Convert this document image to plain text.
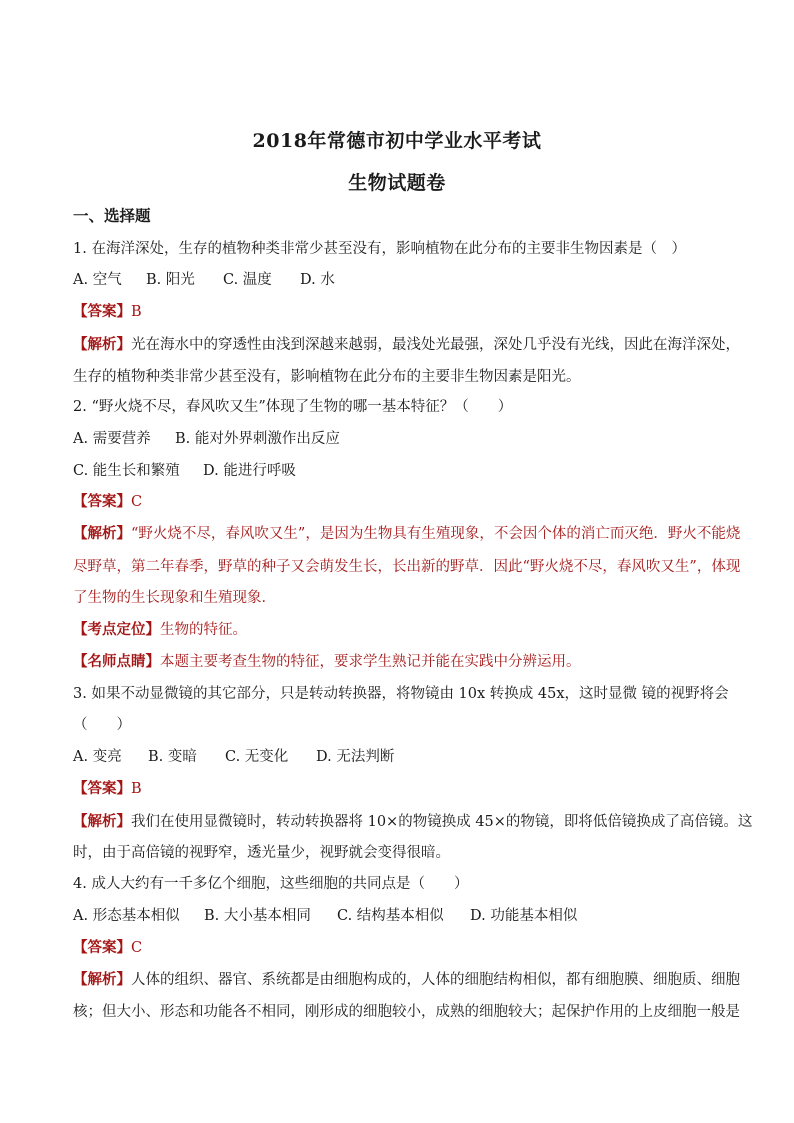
2018年常德市初中学业水平考试
生物试题卷
一、选择题
1. 在海洋深处，生存的植物种类非常少甚至没有，影响植物在此分布的主要非生物因素是（　）
A. 空气 B. 阳光 C. 温度 D. 水
【答案】B
【解析】光在海水中的穿透性由浅到深越来越弱，最浅处光最强，深处几乎没有光线，因此在海洋深处，
生存的植物种类非常少甚至没有，影响植物在此分布的主要非生物因素是阳光。
2. “野火烧不尽，春风吹又生”体现了生物的哪一基本特征？（　　）
A. 需要营养 B. 能对外界刺激作出反应
C. 能生长和繁殖 D. 能进行呼吸
【答案】C
【解析】“野火烧不尽，春风吹又生”，是因为生物具有生殖现象，不会因个体的消亡而灭绝．野火不能烧
尽野草，第二年春季，野草的种子又会萌发生长，长出新的野草．因此“野火烧不尽，春风吹又生”，体现
了生物的生长现象和生殖现象．
【考点定位】生物的特征。
【名师点睛】本题主要考查生物的特征，要求学生熟记并能在实践中分辨运用。
3. 如果不动显微镜的其它部分，只是转动转换器，将物镜由 10x 转换成 45x，这时显微 镜的视野将会
（　　）
A. 变亮 B. 变暗 C. 无变化 D. 无法判断
【答案】B
【解析】我们在使用显微镜时，转动转换器将 10×的物镜换成 45×的物镜，即将低倍镜换成了高倍镜。这
时，由于高倍镜的视野窄，透光量少，视野就会变得很暗。
4. 成人大约有一千多亿个细胞，这些细胞的共同点是（　　）
A. 形态基本相似 B. 大小基本相同 C. 结构基本相似 D. 功能基本相似
【答案】C
【解析】人体的组织、器官、系统都是由细胞构成的，人体的细胞结构相似，都有细胞膜、细胞质、细胞
核；但大小、形态和功能各不相同，刚形成的细胞较小，成熟的细胞较大；起保护作用的上皮细胞一般是
